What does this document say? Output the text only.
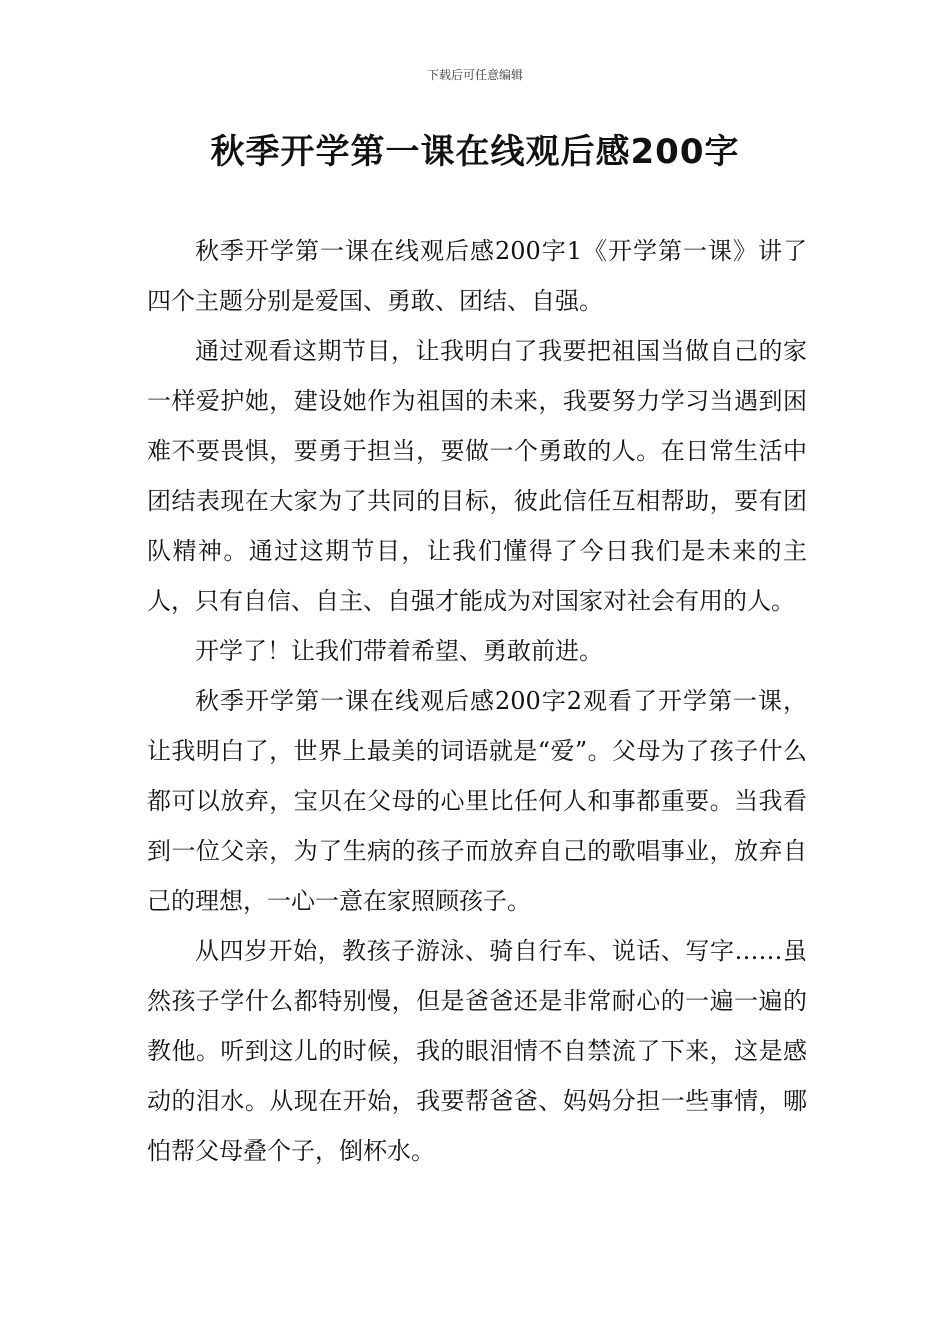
下载后可任意编辑
秋季开学第一课在线观后感200字

秋季开学第一课在线观后感200字1《开学第一课》讲了四个主题分别是爱国、勇敢、团结、自强。

通过观看这期节目，让我明白了我要把祖国当做自己的家一样爱护她，建设她作为祖国的未来，我要努力学习当遇到困难不要畏惧，要勇于担当，要做一个勇敢的人。在日常生活中团结表现在大家为了共同的目标，彼此信任互相帮助，要有团队精神。通过这期节目，让我们懂得了今日我们是未来的主人，只有自信、自主、自强才能成为对国家对社会有用的人。

开学了！让我们带着希望、勇敢前进。

秋季开学第一课在线观后感200字2观看了开学第一课，让我明白了，世界上最美的词语就是“爱”。父母为了孩子什么都可以放弃，宝贝在父母的心里比任何人和事都重要。当我看到一位父亲，为了生病的孩子而放弃自己的歌唱事业，放弃自己的理想，一心一意在家照顾孩子。

从四岁开始，教孩子游泳、骑自行车、说话、写字……虽然孩子学什么都特别慢，但是爸爸还是非常耐心的一遍一遍的教他。听到这儿的时候，我的眼泪情不自禁流了下来，这是感动的泪水。从现在开始，我要帮爸爸、妈妈分担一些事情，哪怕帮父母叠个子，倒杯水。
